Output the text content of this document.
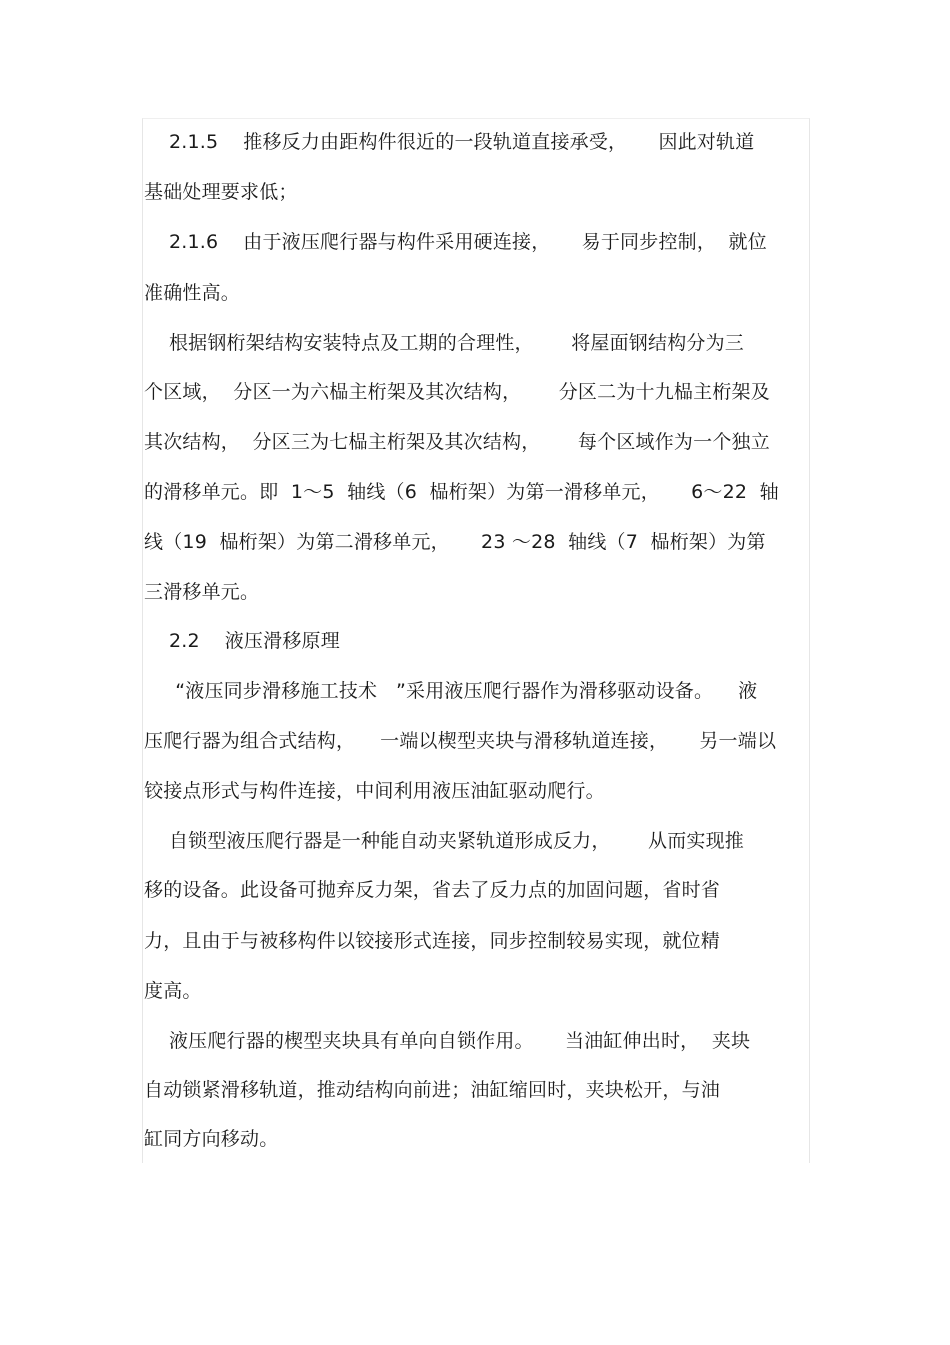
2.1.5    推移反力由距构件很近的一段轨道直接承受，     因此对轨道
基础处理要求低；
2.1.6    由于液压爬行器与构件采用硬连接，     易于同步控制，  就位
准确性高。
根据钢桁架结构安装特点及工期的合理性，      将屋面钢结构分为三
个区域，  分区一为六榀主桁架及其次结构，      分区二为十九榀主桁架及
其次结构，  分区三为七榀主桁架及其次结构，      每个区域作为一个独立
的滑移单元。即  1～5  轴线（6  榀桁架）为第一滑移单元，     6～22  轴
线（19  榀桁架）为第二滑移单元，     23 ～28  轴线（7  榀桁架）为第
三滑移单元。
2.2    液压滑移原理
“液压同步滑移施工技术   ”采用液压爬行器作为滑移驱动设备。    液
压爬行器为组合式结构，    一端以楔型夹块与滑移轨道连接，     另一端以
铰接点形式与构件连接，中间利用液压油缸驱动爬行。
自锁型液压爬行器是一种能自动夹紧轨道形成反力，      从而实现推
移的设备。此设备可抛弃反力架，省去了反力点的加固问题，省时省
力，且由于与被移构件以铰接形式连接，同步控制较易实现，就位精
度高。
液压爬行器的楔型夹块具有单向自锁作用。     当油缸伸出时，  夹块
自动锁紧滑移轨道，推动结构向前进；油缸缩回时，夹块松开，与油
缸同方向移动。
